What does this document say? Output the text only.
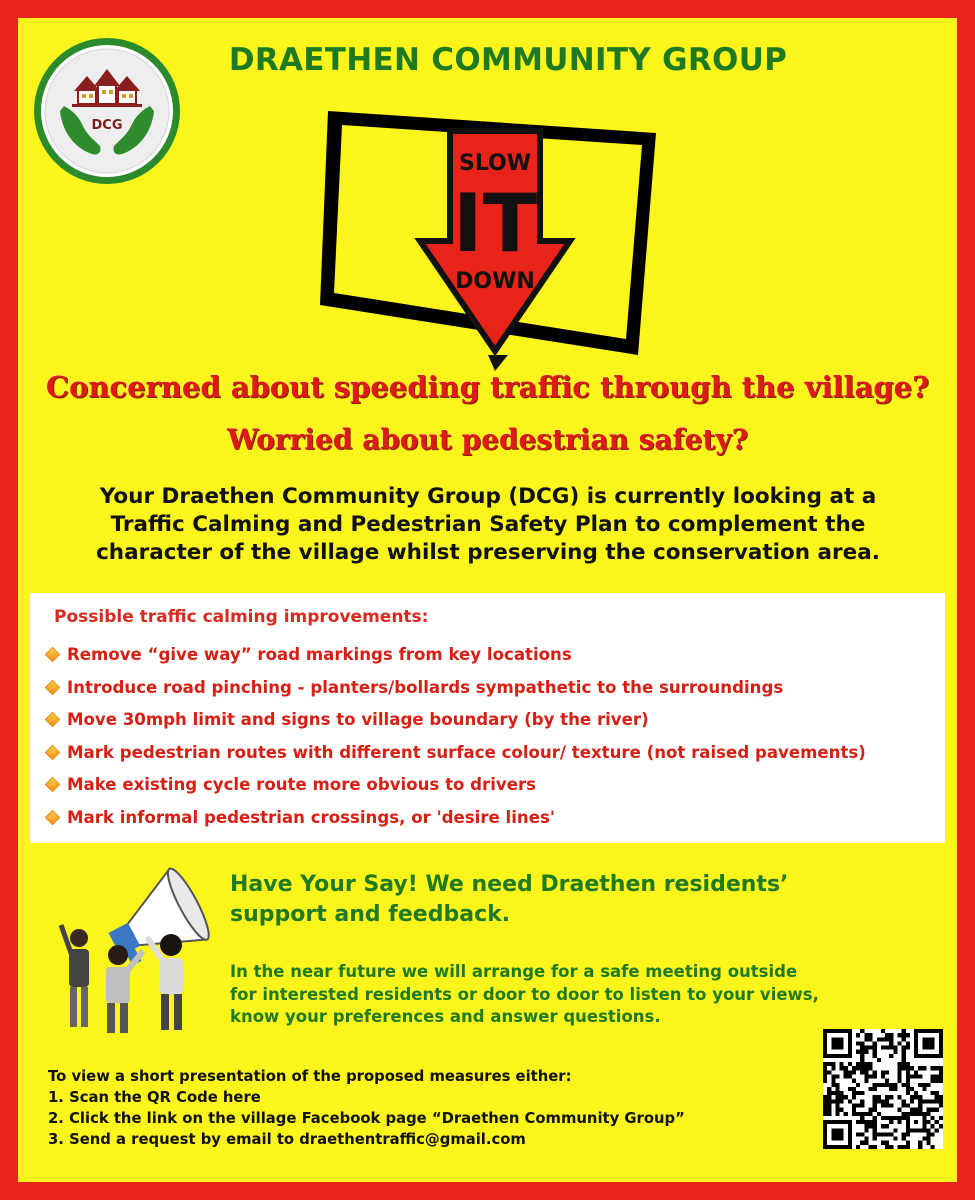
DCG
DRAETHEN COMMUNITY GROUP
SLOW
IT
DOWN
Concerned about speeding traffic through the village?
Worried about pedestrian safety?
Your Draethen Community Group (DCG) is currently looking at a
Traffic Calming and Pedestrian Safety Plan to complement the
character of the village whilst preserving the conservation area.
Possible traffic calming improvements:
Remove “give way” road markings from key locations
Introduce road pinching - planters/bollards sympathetic to the surroundings
Move 30mph limit and signs to village boundary (by the river)
Mark pedestrian routes with different surface colour/ texture (not raised pavements)
Make existing cycle route more obvious to drivers
Mark informal pedestrian crossings, or 'desire lines'
Have Your Say! We need Draethen residents’
support and feedback.
In the near future we will arrange for a safe meeting outside
for interested residents or door to door to listen to your views,
know your preferences and answer questions.
To view a short presentation of the proposed measures either:
1. Scan the QR Code here
2. Click the link on the village Facebook page “Draethen Community Group”
3. Send a request by email to draethentraffic@gmail.com
